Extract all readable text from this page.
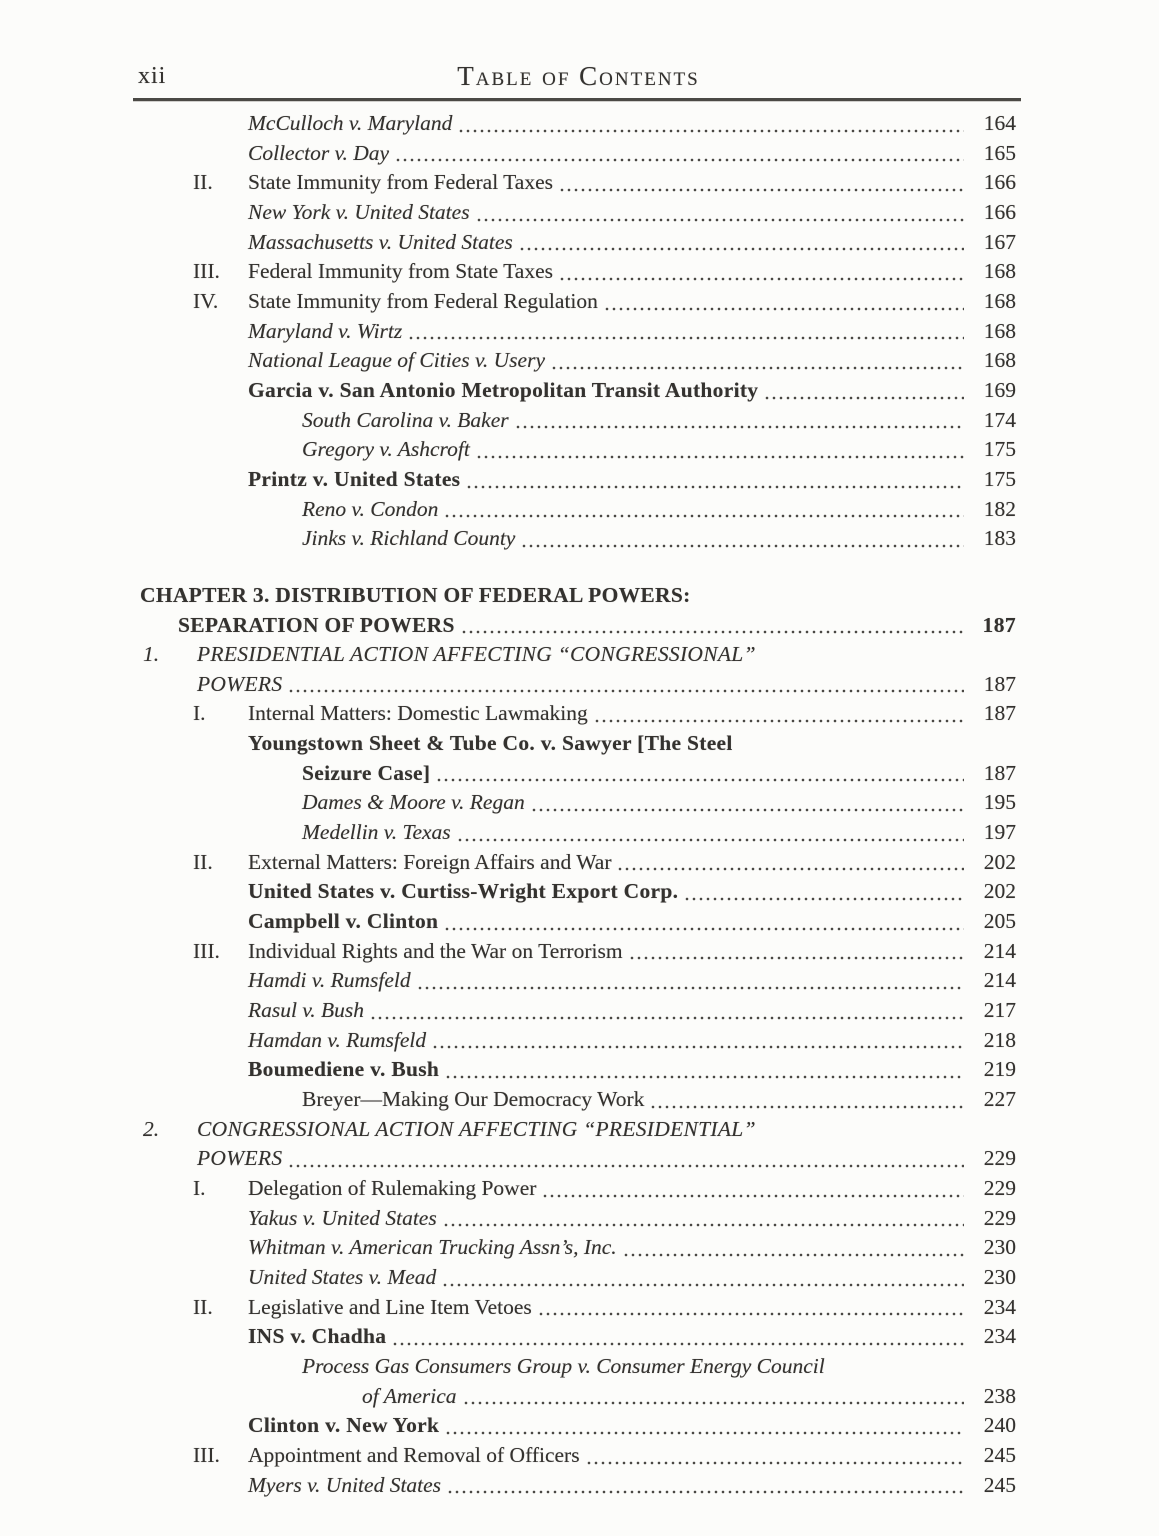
xii	Table of Contents
McCulloch v. Maryland	164
Collector v. Day	165
II.	State Immunity from Federal Taxes	166
New York v. United States	166
Massachusetts v. United States	167
III.	Federal Immunity from State Taxes	168
IV.	State Immunity from Federal Regulation	168
Maryland v. Wirtz	168
National League of Cities v. Usery	168
Garcia v. San Antonio Metropolitan Transit Authority	169
South Carolina v. Baker	174
Gregory v. Ashcroft	175
Printz v. United States	175
Reno v. Condon	182
Jinks v. Richland County	183
CHAPTER 3. DISTRIBUTION OF FEDERAL POWERS:
SEPARATION OF POWERS	187
1.	PRESIDENTIAL ACTION AFFECTING “CONGRESSIONAL”
POWERS	187
I.	Internal Matters: Domestic Lawmaking	187
Youngstown Sheet & Tube Co. v. Sawyer [The Steel
Seizure Case]	187
Dames & Moore v. Regan	195
Medellin v. Texas	197
II.	External Matters: Foreign Affairs and War	202
United States v. Curtiss-Wright Export Corp.	202
Campbell v. Clinton	205
III.	Individual Rights and the War on Terrorism	214
Hamdi v. Rumsfeld	214
Rasul v. Bush	217
Hamdan v. Rumsfeld	218
Boumediene v. Bush	219
Breyer—Making Our Democracy Work	227
2.	CONGRESSIONAL ACTION AFFECTING “PRESIDENTIAL”
POWERS	229
I.	Delegation of Rulemaking Power	229
Yakus v. United States	229
Whitman v. American Trucking Assn’s, Inc.	230
United States v. Mead	230
II.	Legislative and Line Item Vetoes	234
INS v. Chadha	234
Process Gas Consumers Group v. Consumer Energy Council
of America	238
Clinton v. New York	240
III.	Appointment and Removal of Officers	245
Myers v. United States	245
